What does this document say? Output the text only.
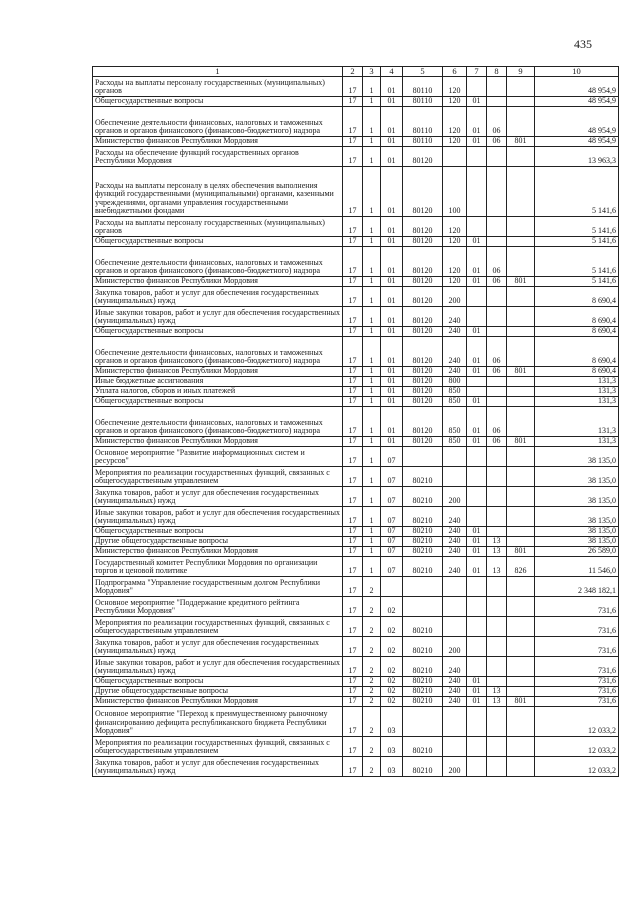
435
1	2	3	4	5	6	7	8	9	10
Расходы на выплаты персоналу государственных (муниципальных) органов	17	1	01	80110	120				48 954,9
Общегосударственные вопросы	17	1	01	80110	120	01			48 954,9
Обеспечение деятельности финансовых, налоговых и таможенных органов и органов финансового (финансово-бюджетного) надзора	17	1	01	80110	120	01	06		48 954,9
Министерство финансов Республики Мордовия	17	1	01	80110	120	01	06	801	48 954,9
Расходы на обеспечение функций государственных органов Республики Мордовия	17	1	01	80120					13 963,3
Расходы на выплаты персоналу в целях обеспечения выполнения функций государственными (муниципальными) органами, казенными учреждениями, органами управления государственными внебюджетными фондами	17	1	01	80120	100				5 141,6
Расходы на выплаты персоналу государственных (муниципальных) органов	17	1	01	80120	120				5 141,6
Общегосударственные вопросы	17	1	01	80120	120	01			5 141,6
Обеспечение деятельности финансовых, налоговых и таможенных органов и органов финансового (финансово-бюджетного) надзора	17	1	01	80120	120	01	06		5 141,6
Министерство финансов Республики Мордовия	17	1	01	80120	120	01	06	801	5 141,6
Закупка товаров, работ и услуг для обеспечения государственных (муниципальных) нужд	17	1	01	80120	200				8 690,4
Иные закупки товаров, работ и услуг для обеспечения государственных (муниципальных) нужд	17	1	01	80120	240				8 690,4
Общегосударственные вопросы	17	1	01	80120	240	01			8 690,4
Обеспечение деятельности финансовых, налоговых и таможенных органов и органов финансового (финансово-бюджетного) надзора	17	1	01	80120	240	01	06		8 690,4
Министерство финансов Республики Мордовия	17	1	01	80120	240	01	06	801	8 690,4
Иные бюджетные ассигнования	17	1	01	80120	800				131,3
Уплата налогов, сборов и иных платежей	17	1	01	80120	850				131,3
Общегосударственные вопросы	17	1	01	80120	850	01			131,3
Обеспечение деятельности финансовых, налоговых и таможенных органов и органов финансового (финансово-бюджетного) надзора	17	1	01	80120	850	01	06		131,3
Министерство финансов Республики Мордовия	17	1	01	80120	850	01	06	801	131,3
Основное мероприятие "Развитие информационных систем и ресурсов"	17	1	07						38 135,0
Мероприятия по реализации государственных функций, связанных с общегосударственным управлением	17	1	07	80210					38 135,0
Закупка товаров, работ и услуг для обеспечения государственных (муниципальных) нужд	17	1	07	80210	200				38 135,0
Иные закупки товаров, работ и услуг для обеспечения государственных (муниципальных) нужд	17	1	07	80210	240				38 135,0
Общегосударственные вопросы	17	1	07	80210	240	01			38 135,0
Другие общегосударственные вопросы	17	1	07	80210	240	01	13		38 135,0
Министерство финансов Республики Мордовия	17	1	07	80210	240	01	13	801	26 589,0
Государственный комитет Республики Мордовия по организации торгов и ценовой политике	17	1	07	80210	240	01	13	826	11 546,0
Подпрограмма "Управление государственным долгом Республики Мордовия"	17	2							2 348 182,1
Основное мероприятие "Поддержание кредитного рейтинга Республики Мордовия"	17	2	02						731,6
Мероприятия по реализации государственных функций, связанных с общегосударственным управлением	17	2	02	80210					731,6
Закупка товаров, работ и услуг для обеспечения государственных (муниципальных) нужд	17	2	02	80210	200				731,6
Иные закупки товаров, работ и услуг для обеспечения государственных (муниципальных) нужд	17	2	02	80210	240				731,6
Общегосударственные вопросы	17	2	02	80210	240	01			731,6
Другие общегосударственные вопросы	17	2	02	80210	240	01	13		731,6
Министерство финансов Республики Мордовия	17	2	02	80210	240	01	13	801	731,6
Основное мероприятие "Переход к преимущественному рыночному финансированию дефицита республиканского бюджета Республики Мордовия"	17	2	03						12 033,2
Мероприятия по реализации государственных функций, связанных с общегосударственным управлением	17	2	03	80210					12 033,2
Закупка товаров, работ и услуг для обеспечения государственных (муниципальных) нужд	17	2	03	80210	200				12 033,2
